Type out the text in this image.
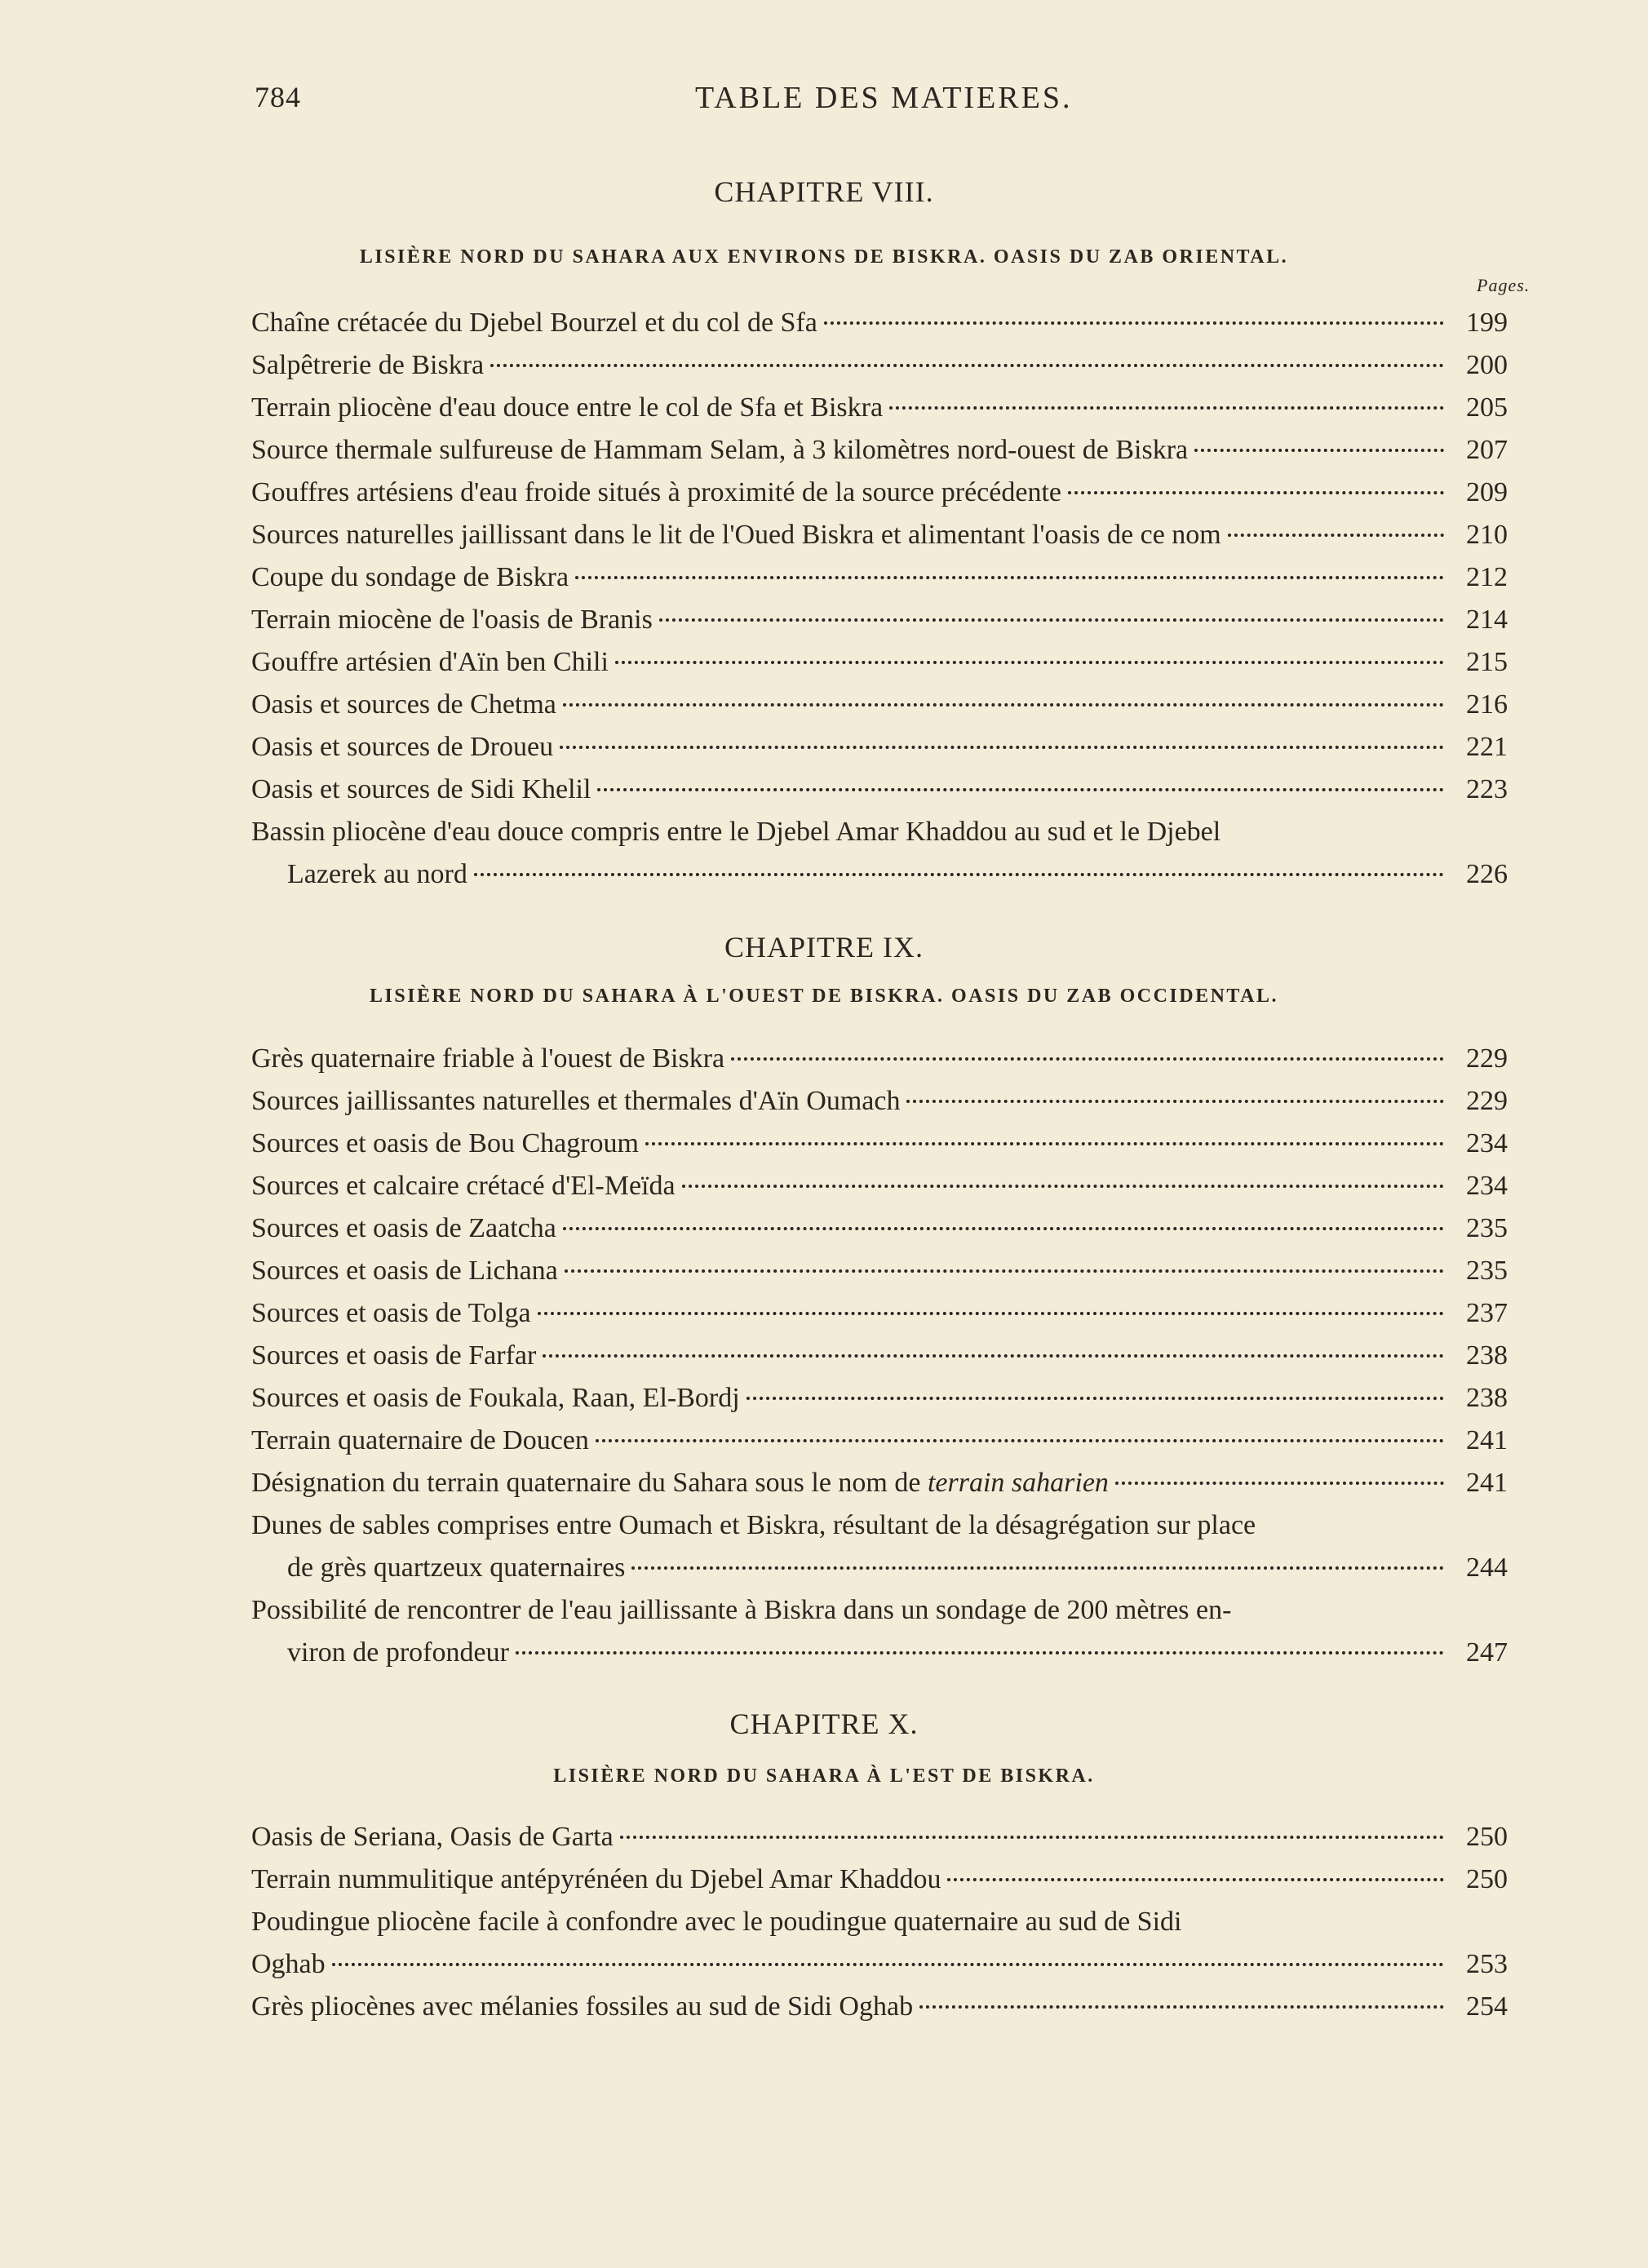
784	TABLE DES MATIERES.
CHAPITRE VIII.
LISIÈRE NORD DU SAHARA AUX ENVIRONS DE BISKRA. OASIS DU ZAB ORIENTAL.
Pages.
Chaîne crétacée du Djebel Bourzel et du col de Sfa	199
Salpêtrerie de Biskra	200
Terrain pliocène d'eau douce entre le col de Sfa et Biskra	205
Source thermale sulfureuse de Hammam Selam, à 3 kilomètres nord-ouest de Biskra	207
Gouffres artésiens d'eau froide situés à proximité de la source précédente	209
Sources naturelles jaillissant dans le lit de l'Oued Biskra et alimentant l'oasis de ce nom	210
Coupe du sondage de Biskra	212
Terrain miocène de l'oasis de Branis	214
Gouffre artésien d'Aïn ben Chili	215
Oasis et sources de Chetma	216
Oasis et sources de Droueu	221
Oasis et sources de Sidi Khelil	223
Bassin pliocène d'eau douce compris entre le Djebel Amar Khaddou au sud et le Djebel
Lazerek au nord	226
CHAPITRE IX.
LISIÈRE NORD DU SAHARA À L'OUEST DE BISKRA. OASIS DU ZAB OCCIDENTAL.
Grès quaternaire friable à l'ouest de Biskra	229
Sources jaillissantes naturelles et thermales d'Aïn Oumach	229
Sources et oasis de Bou Chagroum	234
Sources et calcaire crétacé d'El-Meïda	234
Sources et oasis de Zaatcha	235
Sources et oasis de Lichana	235
Sources et oasis de Tolga	237
Sources et oasis de Farfar	238
Sources et oasis de Foukala, Raan, El-Bordj	238
Terrain quaternaire de Doucen	241
Désignation du terrain quaternaire du Sahara sous le nom de terrain saharien	241
Dunes de sables comprises entre Oumach et Biskra, résultant de la désagrégation sur place
de grès quartzeux quaternaires	244
Possibilité de rencontrer de l'eau jaillissante à Biskra dans un sondage de 200 mètres en-
viron de profondeur	247
CHAPITRE X.
LISIÈRE NORD DU SAHARA À L'EST DE BISKRA.
Oasis de Seriana, Oasis de Garta	250
Terrain nummulitique antépyrénéen du Djebel Amar Khaddou	250
Poudingue pliocène facile à confondre avec le poudingue quaternaire au sud de Sidi
Oghab	253
Grès pliocènes avec mélanies fossiles au sud de Sidi Oghab	254
